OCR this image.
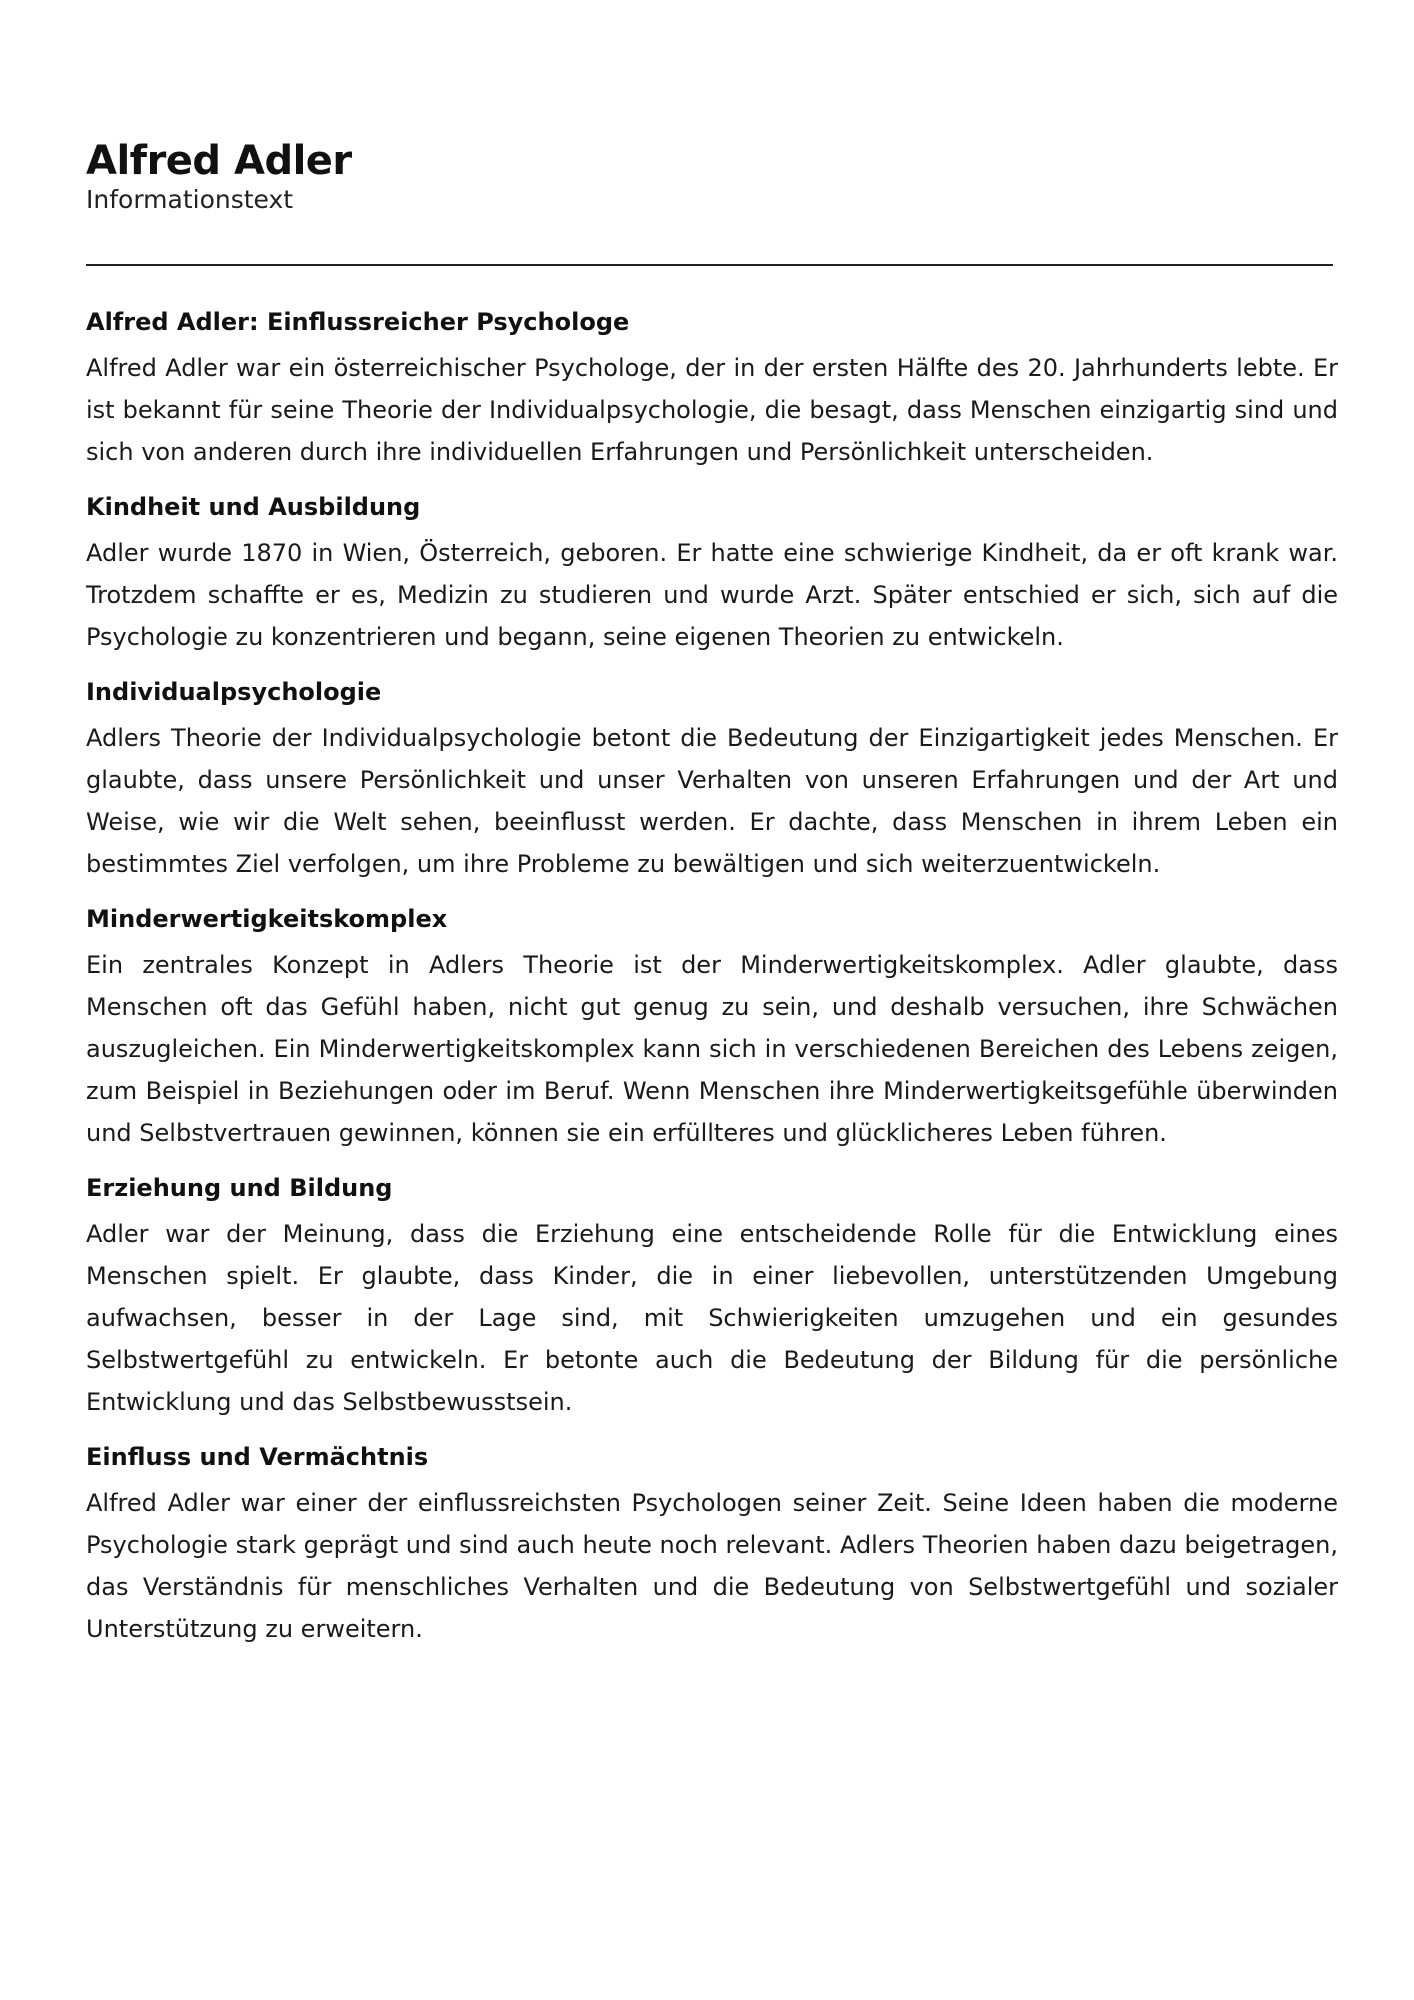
Alfred Adler

Informationstext

Alfred Adler: Einflussreicher Psychologe

Alfred Adler war ein österreichischer Psychologe, der in der ersten Hälfte des 20. Jahrhunderts lebte. Er ist bekannt für seine Theorie der Individualpsychologie, die besagt, dass Menschen einzigartig sind und sich von anderen durch ihre individuellen Erfahrungen und Persönlichkeit unterscheiden.

Kindheit und Ausbildung

Adler wurde 1870 in Wien, Österreich, geboren. Er hatte eine schwierige Kindheit, da er oft krank war. Trotzdem schaffte er es, Medizin zu studieren und wurde Arzt. Später entschied er sich, sich auf die Psychologie zu konzentrieren und begann, seine eigenen Theorien zu entwickeln.

Individualpsychologie

Adlers Theorie der Individualpsychologie betont die Bedeutung der Einzigartigkeit jedes Menschen. Er glaubte, dass unsere Persönlichkeit und unser Verhalten von unseren Erfahrungen und der Art und Weise, wie wir die Welt sehen, beeinflusst werden. Er dachte, dass Menschen in ihrem Leben ein bestimmtes Ziel verfolgen, um ihre Probleme zu bewältigen und sich weiterzuentwickeln.

Minderwertigkeitskomplex

Ein zentrales Konzept in Adlers Theorie ist der Minderwertigkeitskomplex. Adler glaubte, dass Menschen oft das Gefühl haben, nicht gut genug zu sein, und deshalb versuchen, ihre Schwächen auszugleichen. Ein Minderwertigkeitskomplex kann sich in verschiedenen Bereichen des Lebens zeigen, zum Beispiel in Beziehungen oder im Beruf. Wenn Menschen ihre Minderwertigkeitsgefühle überwinden und Selbstvertrauen gewinnen, können sie ein erfüllteres und glücklicheres Leben führen.

Erziehung und Bildung

Adler war der Meinung, dass die Erziehung eine entscheidende Rolle für die Entwicklung eines Menschen spielt. Er glaubte, dass Kinder, die in einer liebevollen, unterstützenden Umgebung aufwachsen, besser in der Lage sind, mit Schwierigkeiten umzugehen und ein gesundes Selbstwertgefühl zu entwickeln. Er betonte auch die Bedeutung der Bildung für die persönliche Entwicklung und das Selbstbewusstsein.

Einfluss und Vermächtnis

Alfred Adler war einer der einflussreichsten Psychologen seiner Zeit. Seine Ideen haben die moderne Psychologie stark geprägt und sind auch heute noch relevant. Adlers Theorien haben dazu beigetragen, das Verständnis für menschliches Verhalten und die Bedeutung von Selbstwertgefühl und sozialer Unterstützung zu erweitern.
